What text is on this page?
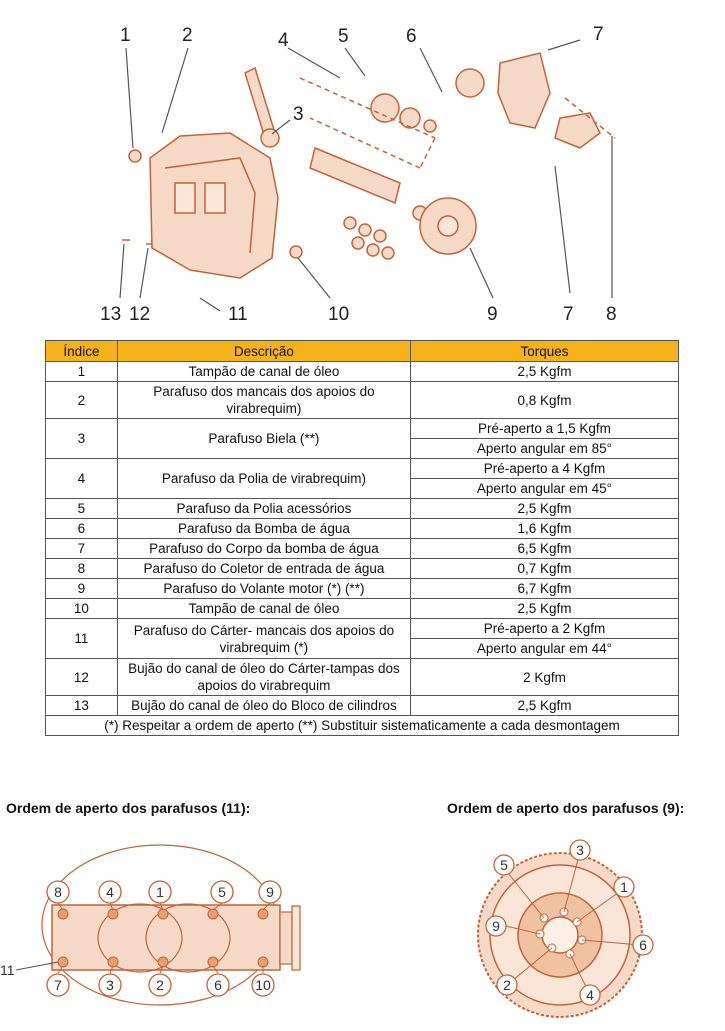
1	2
3
4	5	6	7
7 8
9
10
11
12
13
Índice	Descrição	Torques
1	Tampão de canal de óleo	2,5 Kgfm
2	Parafuso dos mancais dos apoios do virabrequim)	0,8 Kgfm
3	Parafuso Biela (**)	Pré-aperto a 1,5 Kgfm
		Aperto angular em 85°
4	Parafuso da Polia de virabrequim)	Pré-aperto a 4 Kgfm
		Aperto angular em 45°
5	Parafuso da Polia acessórios	2,5 Kgfm
6	Parafuso da Bomba de água	1,6 Kgfm
7	Parafuso do Corpo da bomba de água	6,5 Kgfm
8	Parafuso do Coletor de entrada de água	0,7 Kgfm
9	Parafuso do Volante motor (*) (**)	6,7 Kgfm
10	Tampão de canal de óleo	2,5 Kgfm
11	Parafuso do Cárter- mancais dos apoios do virabrequim (*)	Pré-aperto a 2 Kgfm
		Aperto angular em 44°
12	Bujão do canal de óleo do Cárter-tampas dos apoios do virabrequim	2 Kgfm
13	Bujão do canal de óleo do Bloco de cilindros	2,5 Kgfm
(*) Respeitar a ordem de aperto (**) Substituir sistematicamente a cada desmontagem		
Ordem de aperto dos parafusos (11):	Ordem de aperto dos parafusos (9):
8	4	1	5	9
7	3	2	6 10
11
1
2
3
4
5
6
9
